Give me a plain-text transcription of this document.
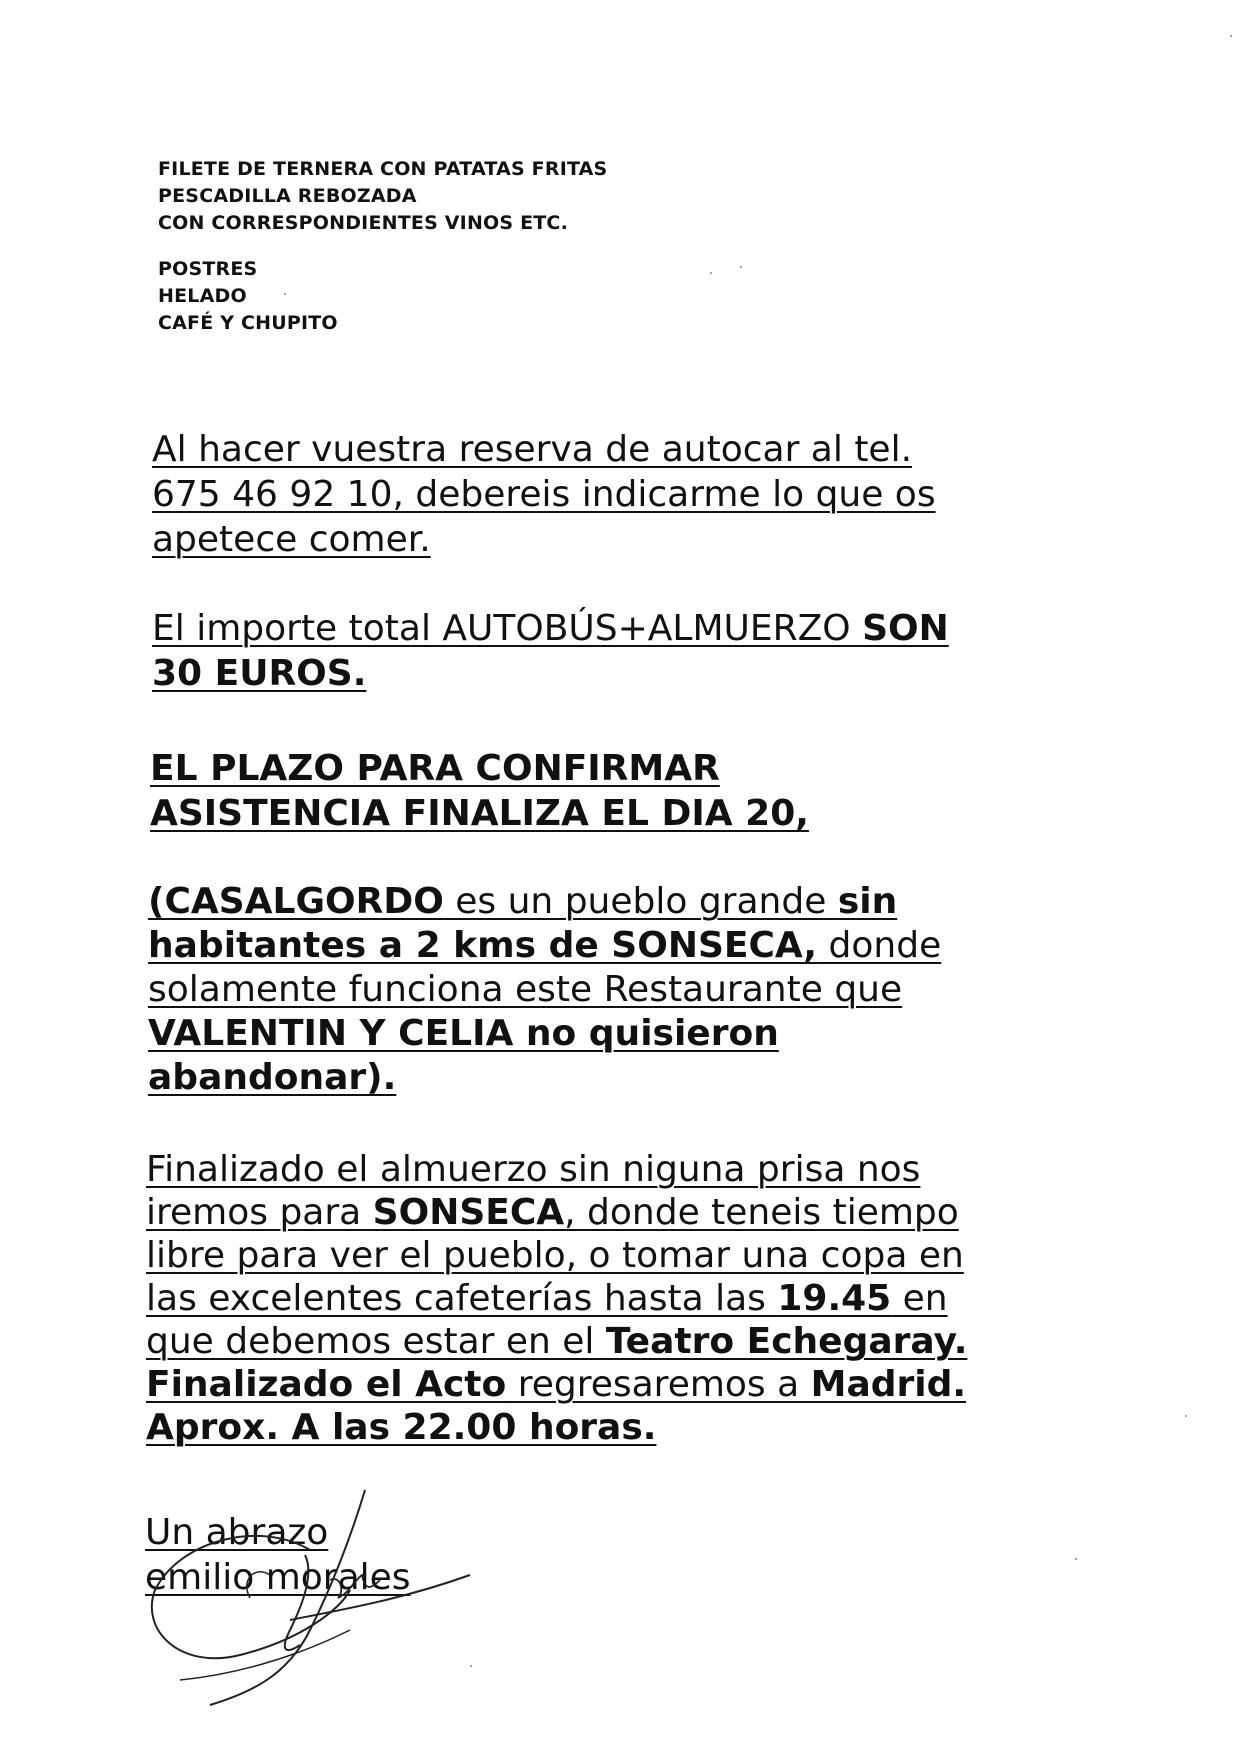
FILETE DE TERNERA CON PATATAS FRITAS
PESCADILLA REBOZADA
CON CORRESPONDIENTES VINOS ETC.
POSTRES
HELADO
CAFÉ Y CHUPITO
Al hacer vuestra reserva de autocar al tel.
675 46 92 10, debereis indicarme lo que os
apetece comer.
El importe total AUTOBÚS+ALMUERZO SON
30 EUROS.
EL PLAZO PARA CONFIRMAR
ASISTENCIA FINALIZA EL DIA 20,
(CASALGORDO es un pueblo grande sin
habitantes a 2 kms de SONSECA, donde
solamente funciona este Restaurante que
VALENTIN Y CELIA no quisieron
abandonar).
Finalizado el almuerzo sin niguna prisa nos
iremos para SONSECA, donde teneis tiempo
libre para ver el pueblo, o tomar una copa en
las excelentes cafeterías hasta las 19.45 en
que debemos estar en el Teatro Echegaray.
Finalizado el Acto regresaremos a Madrid.
Aprox. A las 22.00 horas.
Un abrazo
emilio morales
